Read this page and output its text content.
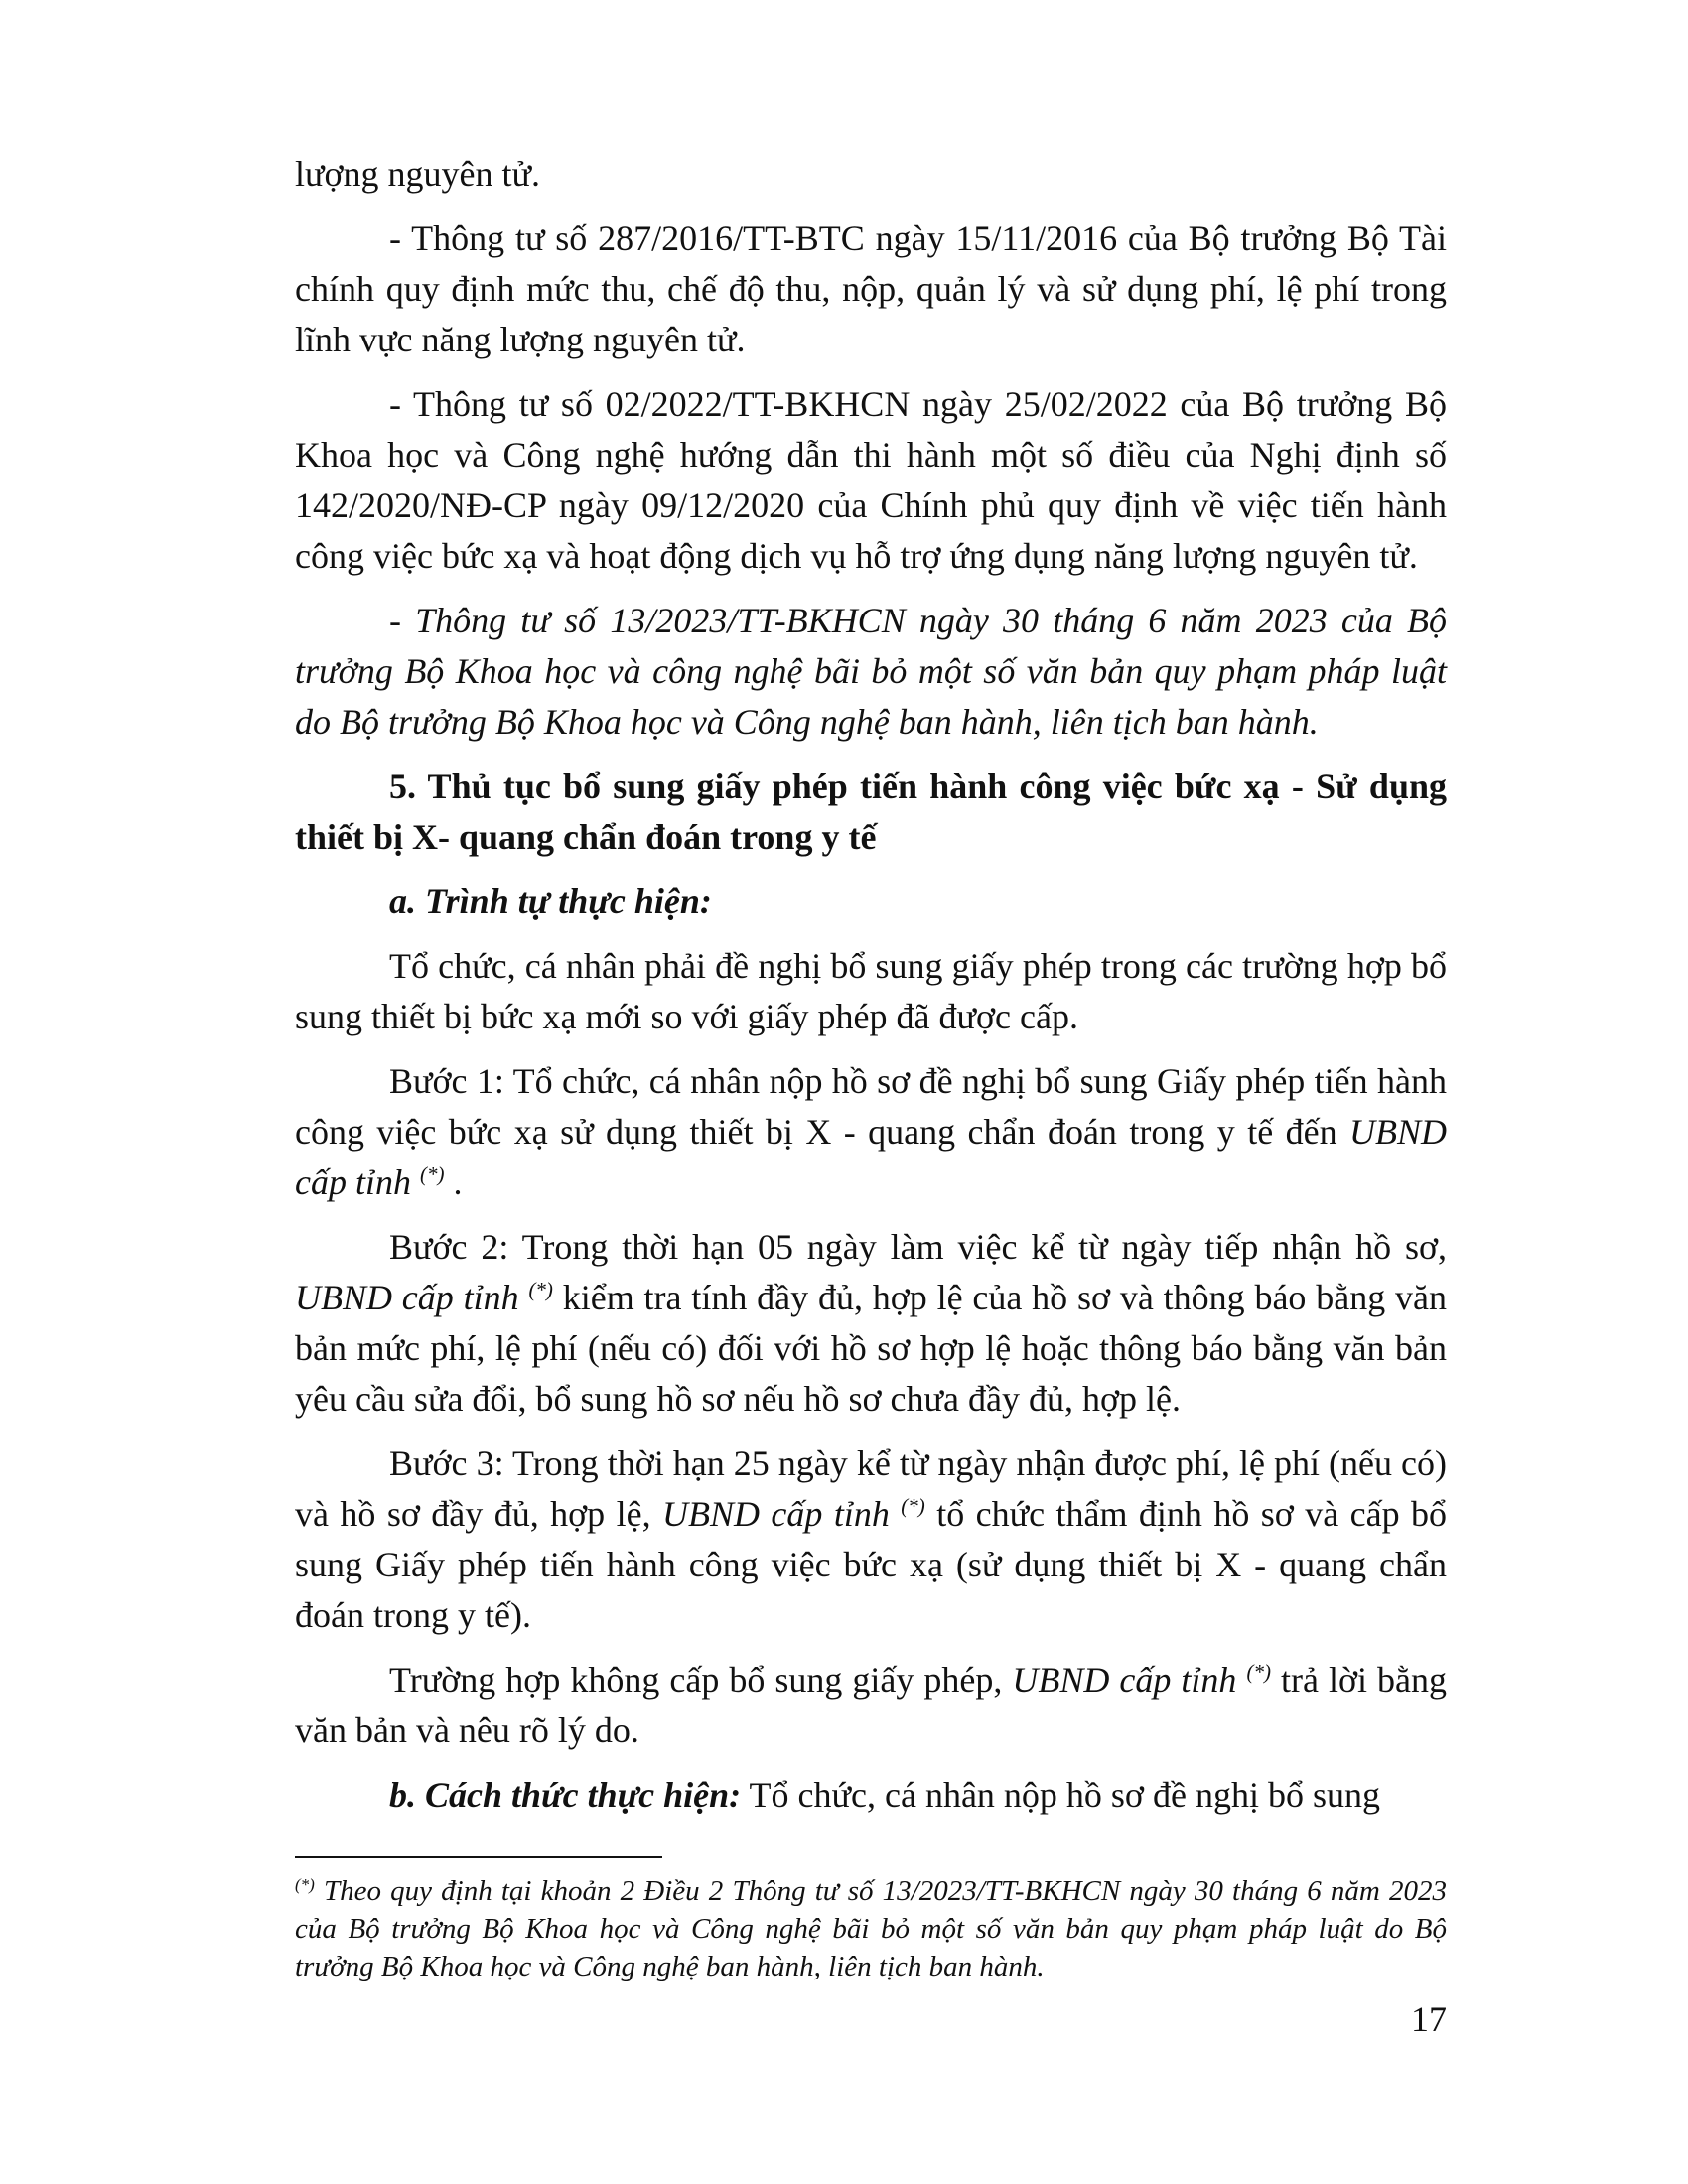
lượng nguyên tử.

- Thông tư số 287/2016/TT-BTC ngày 15/11/2016 của Bộ trưởng Bộ Tài chính quy định mức thu, chế độ thu, nộp, quản lý và sử dụng phí, lệ phí trong lĩnh vực năng lượng nguyên tử.

- Thông tư số 02/2022/TT-BKHCN ngày 25/02/2022 của Bộ trưởng Bộ Khoa học và Công nghệ hướng dẫn thi hành một số điều của Nghị định số 142/2020/NĐ-CP ngày 09/12/2020 của Chính phủ quy định về việc tiến hành công việc bức xạ và hoạt động dịch vụ hỗ trợ ứng dụng năng lượng nguyên tử.

- Thông tư số 13/2023/TT-BKHCN ngày 30 tháng 6 năm 2023 của Bộ trưởng Bộ Khoa học và công nghệ bãi bỏ một số văn bản quy phạm pháp luật do Bộ trưởng Bộ Khoa học và Công nghệ ban hành, liên tịch ban hành.

5. Thủ tục bổ sung giấy phép tiến hành công việc bức xạ - Sử dụng thiết bị X- quang chẩn đoán trong y tế

a. Trình tự thực hiện:

Tổ chức, cá nhân phải đề nghị bổ sung giấy phép trong các trường hợp bổ sung thiết bị bức xạ mới so với giấy phép đã được cấp.

Bước 1: Tổ chức, cá nhân nộp hồ sơ đề nghị bổ sung Giấy phép tiến hành công việc bức xạ sử dụng thiết bị X - quang chẩn đoán trong y tế đến UBND cấp tỉnh (*) .

Bước 2: Trong thời hạn 05 ngày làm việc kể từ ngày tiếp nhận hồ sơ, UBND cấp tỉnh (*) kiểm tra tính đầy đủ, hợp lệ của hồ sơ và thông báo bằng văn bản mức phí, lệ phí (nếu có) đối với hồ sơ hợp lệ hoặc thông báo bằng văn bản yêu cầu sửa đổi, bổ sung hồ sơ nếu hồ sơ chưa đầy đủ, hợp lệ.

Bước 3: Trong thời hạn 25 ngày kể từ ngày nhận được phí, lệ phí (nếu có) và hồ sơ đầy đủ, hợp lệ, UBND cấp tỉnh (*) tổ chức thẩm định hồ sơ và cấp bổ sung Giấy phép tiến hành công việc bức xạ (sử dụng thiết bị X - quang chẩn đoán trong y tế).

Trường hợp không cấp bổ sung giấy phép, UBND cấp tỉnh (*) trả lời bằng văn bản và nêu rõ lý do.

b. Cách thức thực hiện: Tổ chức, cá nhân nộp hồ sơ đề nghị bổ sung

(*) Theo quy định tại khoản 2 Điều 2 Thông tư số 13/2023/TT-BKHCN ngày 30 tháng 6 năm 2023 của Bộ trưởng Bộ Khoa học và Công nghệ bãi bỏ một số văn bản quy phạm pháp luật do Bộ trưởng Bộ Khoa học và Công nghệ ban hành, liên tịch ban hành.
17
